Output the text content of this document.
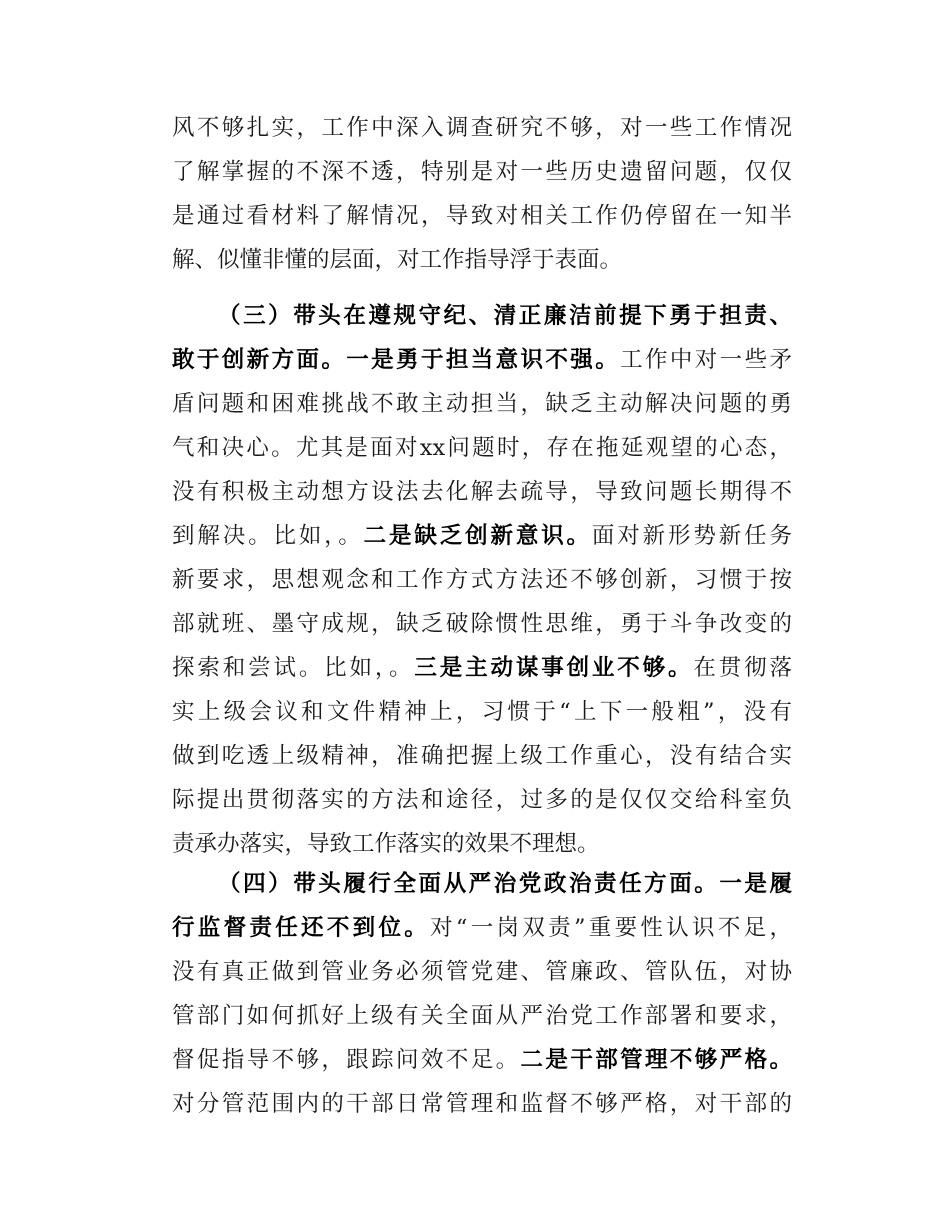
风不够扎实，工作中深入调查研究不够，对一些工作情况
了解掌握的不深不透，特别是对一些历史遗留问题，仅仅
是通过看材料了解情况，导致对相关工作仍停留在一知半
解、似懂非懂的层面，对工作指导浮于表面。
（三）带头在遵规守纪、清正廉洁前提下勇于担责、
敢于创新方面。一是勇于担当意识不强。工作中对一些矛
盾问题和困难挑战不敢主动担当，缺乏主动解决问题的勇
气和决心。尤其是面对xx问题时，存在拖延观望的心态，
没有积极主动想方设法去化解去疏导，导致问题长期得不
到解决。比如，。二是缺乏创新意识。面对新形势新任务
新要求，思想观念和工作方式方法还不够创新，习惯于按
部就班、墨守成规，缺乏破除惯性思维，勇于斗争改变的
探索和尝试。比如，。三是主动谋事创业不够。在贯彻落
实上级会议和文件精神上，习惯于“上下一般粗”，没有
做到吃透上级精神，准确把握上级工作重心，没有结合实
际提出贯彻落实的方法和途径，过多的是仅仅交给科室负
责承办落实，导致工作落实的效果不理想。
（四）带头履行全面从严治党政治责任方面。一是履
行监督责任还不到位。对“一岗双责”重要性认识不足，
没有真正做到管业务必须管党建、管廉政、管队伍，对协
管部门如何抓好上级有关全面从严治党工作部署和要求，
督促指导不够，跟踪问效不足。二是干部管理不够严格。
对分管范围内的干部日常管理和监督不够严格，对干部的
